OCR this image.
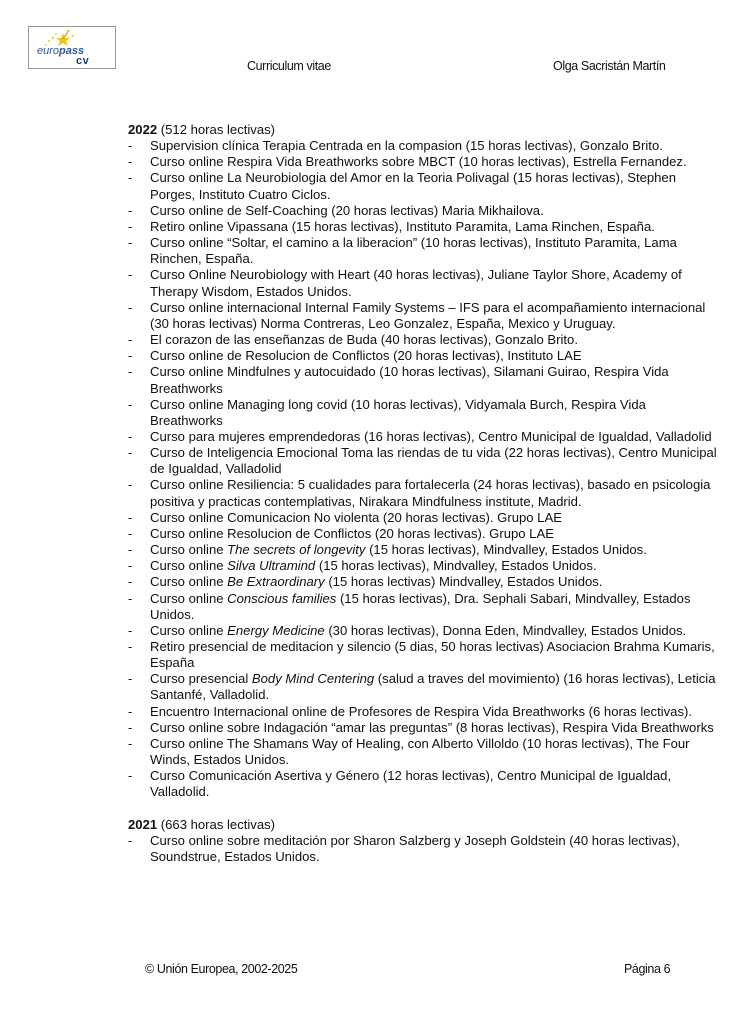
europass
cv	Curriculum vitae	Olga Sacristán Martín

2022 (512 horas lectivas)

- Supervision clínica Terapia Centrada en la compasion (15 horas lectivas), Gonzalo Brito.
- Curso online Respira Vida Breathworks sobre MBCT (10 horas lectivas), Estrella Fernandez.
- Curso online La Neurobiologia del Amor en la Teoria Polivagal (15 horas lectivas), Stephen Porges, Instituto Cuatro Ciclos.
- Curso online de Self-Coaching (20 horas lectivas) Maria Mikhailova.
- Retiro online Vipassana (15 horas lectivas), Instituto Paramita, Lama Rinchen, España.
- Curso online “Soltar, el camino a la liberacion” (10 horas lectivas), Instituto Paramita, Lama Rinchen, España.
- Curso Online Neurobiology with Heart (40 horas lectivas), Juliane Taylor Shore, Academy of Therapy Wisdom, Estados Unidos.
- Curso online internacional Internal Family Systems – IFS para el acompañamiento internacional (30 horas lectivas) Norma Contreras, Leo Gonzalez, España, Mexico y Uruguay.
- El corazon de las enseñanzas de Buda (40 horas lectivas), Gonzalo Brito.
- Curso online de Resolucion de Conflictos (20 horas lectivas), Instituto LAE
- Curso online Mindfulnes y autocuidado (10 horas lectivas), Silamani Guirao, Respira Vida Breathworks
- Curso online Managing long covid (10 horas lectivas), Vidyamala Burch, Respira Vida Breathworks
- Curso para mujeres emprendedoras (16 horas lectivas), Centro Municipal de Igualdad, Valladolid
- Curso de Inteligencia Emocional Toma las riendas de tu vida (22 horas lectivas), Centro Municipal de Igualdad, Valladolid
- Curso online Resiliencia: 5 cualidades para fortalecerla (24 horas lectivas), basado en psicologia positiva y practicas contemplativas, Nirakara Mindfulness institute, Madrid.
- Curso online Comunicacion No violenta (20 horas lectivas). Grupo LAE
- Curso online Resolucion de Conflictos (20 horas lectivas). Grupo LAE
- Curso online The secrets of longevity (15 horas lectivas), Mindvalley, Estados Unidos.
- Curso online Silva Ultramind (15 horas lectivas), Mindvalley, Estados Unidos.
- Curso online Be Extraordinary (15 horas lectivas) Mindvalley, Estados Unidos.
- Curso online Conscious families (15 horas lectivas), Dra. Sephali Sabari, Mindvalley, Estados Unidos.
- Curso online Energy Medicine (30 horas lectivas), Donna Eden, Mindvalley, Estados Unidos.
- Retiro presencial de meditacion y silencio (5 dias, 50 horas lectivas) Asociacion Brahma Kumaris, España
- Curso presencial Body Mind Centering (salud a traves del movimiento) (16 horas lectivas), Leticia Santanfé, Valladolid.
- Encuentro Internacional online de Profesores de Respira Vida Breathworks (6 horas lectivas).
- Curso online sobre Indagación “amar las preguntas” (8 horas lectivas), Respira Vida Breathworks
- Curso online The Shamans Way of Healing, con Alberto Villoldo (10 horas lectivas), The Four Winds, Estados Unidos.
- Curso Comunicación Asertiva y Género (12 horas lectivas), Centro Municipal de Igualdad, Valladolid.

2021 (663 horas lectivas)

- Curso online sobre meditación por Sharon Salzberg y Joseph Goldstein (40 horas lectivas), Soundstrue, Estados Unidos.
© Unión Europea, 2002-2025	Página 6
